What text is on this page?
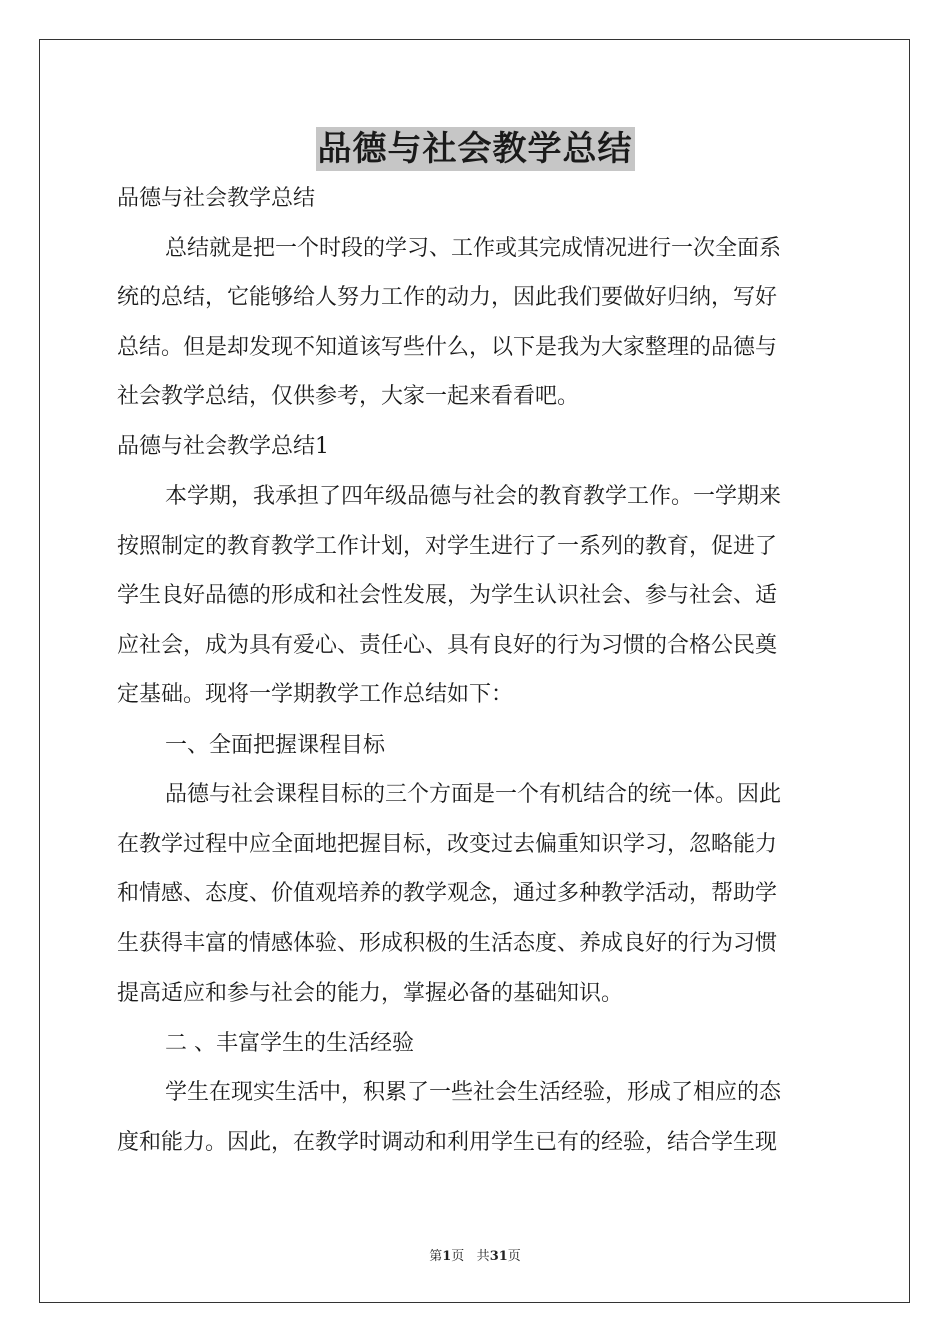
品德与社会教学总结
品德与社会教学总结
总结就是把一个时段的学习、工作或其完成情况进行一次全面系
统的总结，它能够给人努力工作的动力，因此我们要做好归纳，写好
总结。但是却发现不知道该写些什么，以下是我为大家整理的品德与
社会教学总结，仅供参考，大家一起来看看吧。
品德与社会教学总结1
本学期，我承担了四年级品德与社会的教育教学工作。一学期来
按照制定的教育教学工作计划，对学生进行了一系列的教育，促进了
学生良好品德的形成和社会性发展，为学生认识社会、参与社会、适
应社会，成为具有爱心、责任心、具有良好的行为习惯的合格公民奠
定基础。现将一学期教学工作总结如下：
一、全面把握课程目标
品德与社会课程目标的三个方面是一个有机结合的统一体。因此
在教学过程中应全面地把握目标，改变过去偏重知识学习，忽略能力
和情感、态度、价值观培养的教学观念，通过多种教学活动，帮助学
生获得丰富的情感体验、形成积极的生活态度、养成良好的行为习惯
提高适应和参与社会的能力，掌握必备的基础知识。
二 、丰富学生的生活经验
学生在现实生活中，积累了一些社会生活经验，形成了相应的态
度和能力。因此，在教学时调动和利用学生已有的经验，结合学生现
第1页 共31页
